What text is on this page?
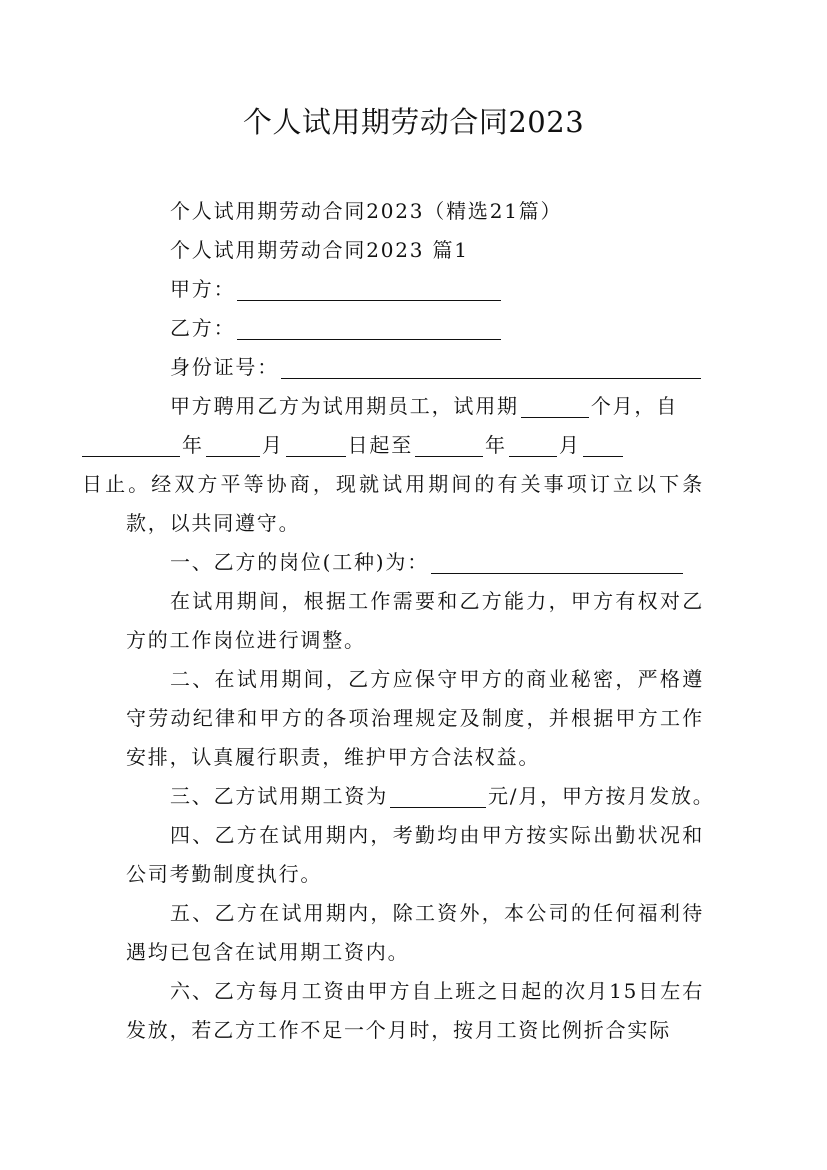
个人试用期劳动合同2023

个人试用期劳动合同2023（精选21篇）

个人试用期劳动合同2023 篇1

甲方：

乙方：

身份证号：

甲方聘用乙方为试用期员工，试用期	个月，自
年	月	日起至	年	月
日止。经双方平等协商，现就试用期间的有关事项订立以下条款，以共同遵守。

一、乙方的岗位(工种)为：

在试用期间，根据工作需要和乙方能力，甲方有权对乙方的工作岗位进行调整。

二、在试用期间，乙方应保守甲方的商业秘密，严格遵守劳动纪律和甲方的各项治理规定及制度，并根据甲方工作安排，认真履行职责，维护甲方合法权益。

三、乙方试用期工资为	元/月，甲方按月发放。

四、乙方在试用期内，考勤均由甲方按实际出勤状况和公司考勤制度执行。

五、乙方在试用期内，除工资外，本公司的任何福利待遇均已包含在试用期工资内。

六、乙方每月工资由甲方自上班之日起的次月15日左右发放，若乙方工作不足一个月时，按月工资比例折合实际
